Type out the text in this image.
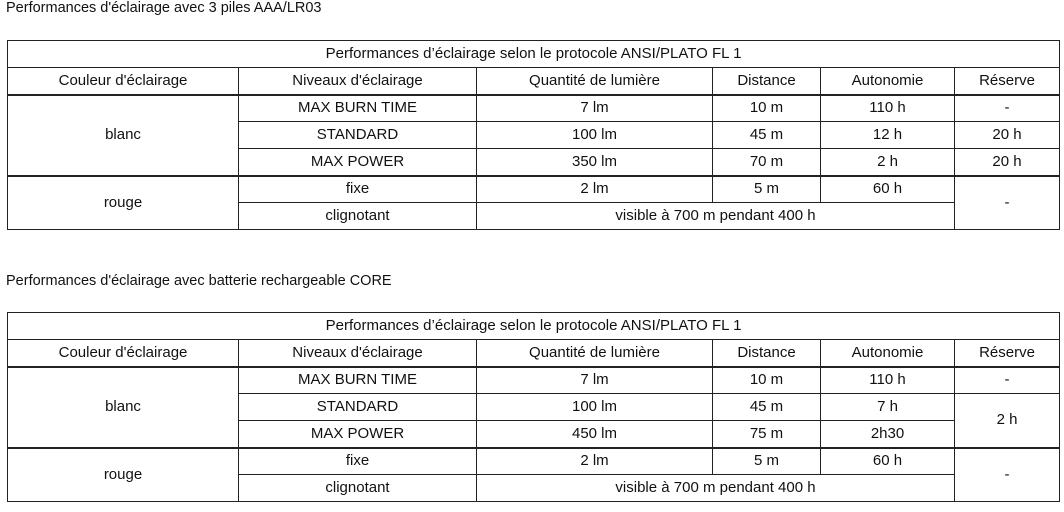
Performances d'éclairage avec 3 piles AAA/LR03
Performances d’éclairage selon le protocole ANSI/PLATO FL 1					
Couleur d'éclairage	Niveaux d'éclairage	Quantité de lumière	Distance	Autonomie	Réserve
blanc	MAX BURN TIME	7 lm	10 m	110 h	-
	STANDARD	100 lm	45 m	12 h	20 h
	MAX POWER	350 lm	70 m	2 h	20 h
rouge	fixe	2 lm	5 m	60 h	-
	clignotant	visible à 700 m pendant 400 h			
Performances d'éclairage avec batterie rechargeable CORE
Performances d’éclairage selon le protocole ANSI/PLATO FL 1					
Couleur d'éclairage	Niveaux d'éclairage	Quantité de lumière	Distance	Autonomie	Réserve
blanc	MAX BURN TIME	7 lm	10 m	110 h	-
	STANDARD	100 lm	45 m	7 h	2 h
	MAX POWER	450 lm	75 m	2h30	
rouge	fixe	2 lm	5 m	60 h	-
	clignotant	visible à 700 m pendant 400 h			
